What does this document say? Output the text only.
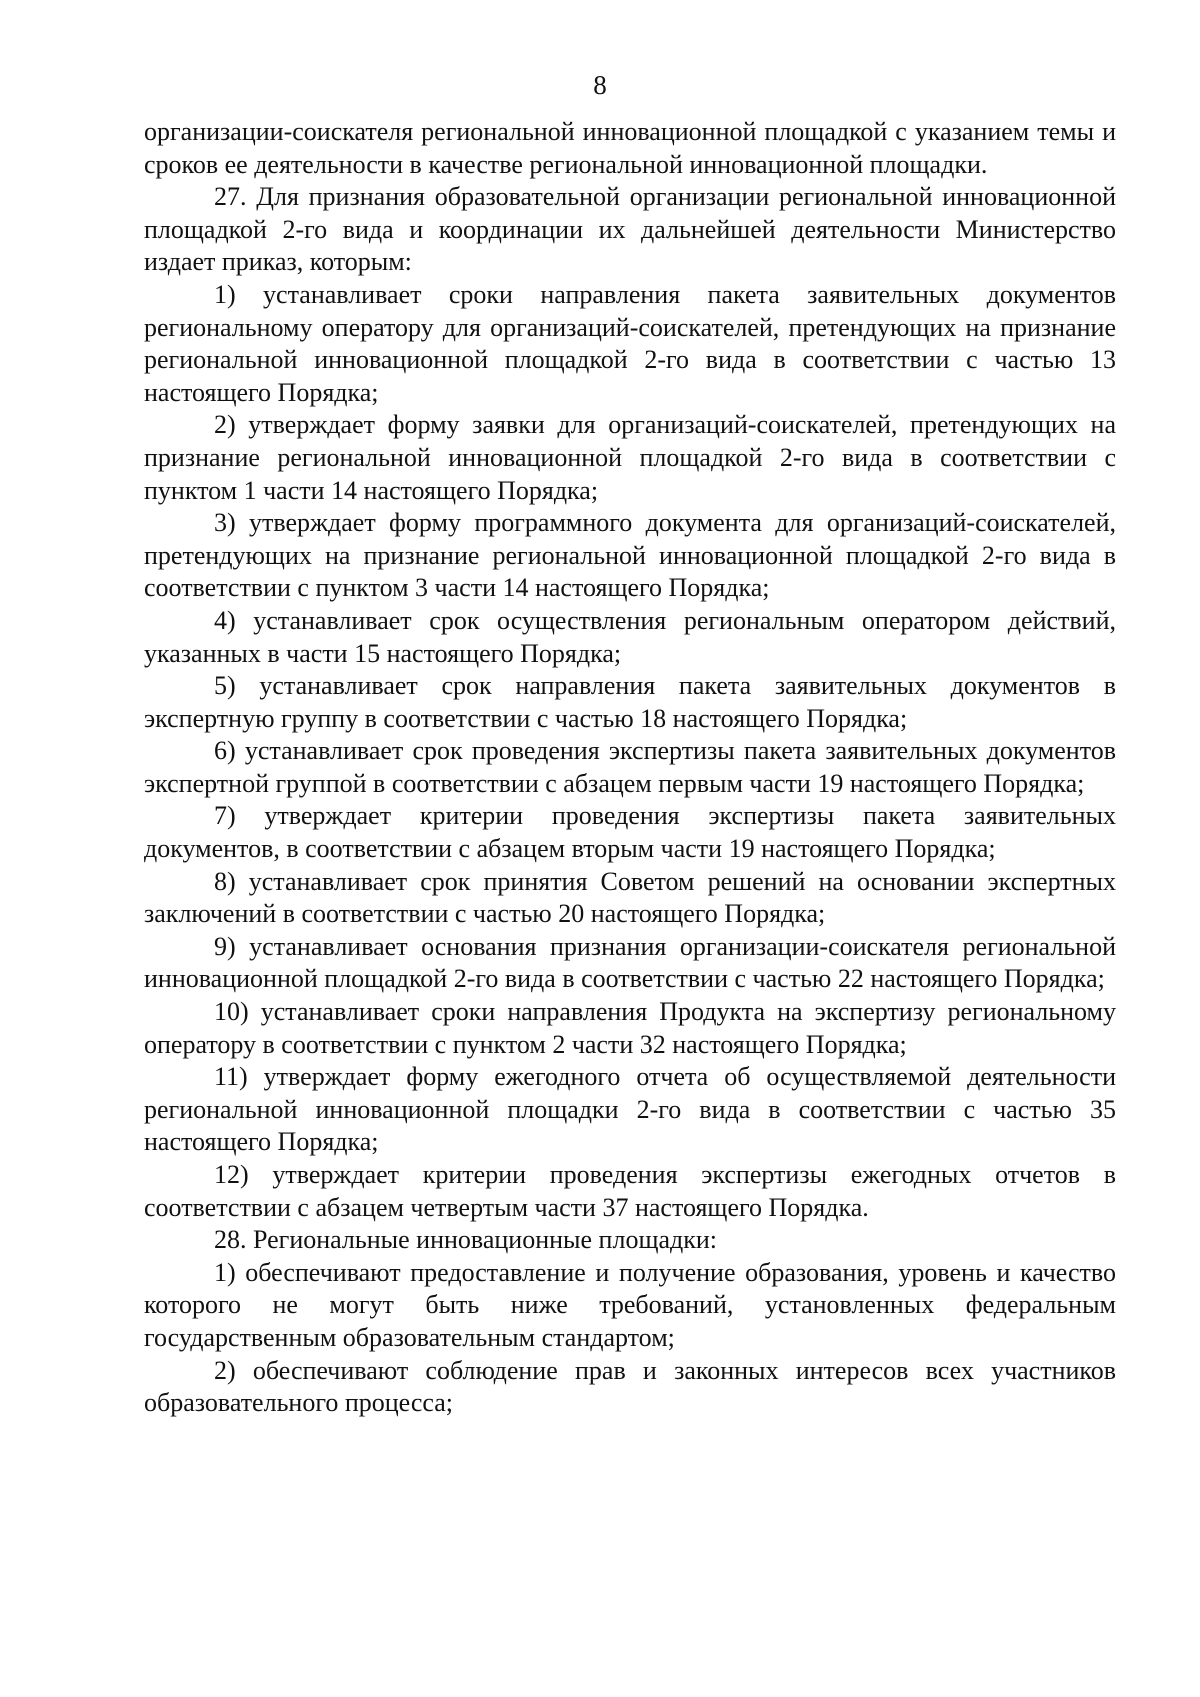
8

организации-соискателя региональной инновационной площадкой с указанием темы и сроков ее деятельности в качестве региональной инновационной площадки.

27. Для признания образовательной организации региональной инновационной площадкой 2-го вида и координации их дальнейшей деятельности Министерство издает приказ, которым:

1) устанавливает сроки направления пакета заявительных документов региональному оператору для организаций-соискателей, претендующих на признание региональной инновационной площадкой 2-го вида в соответствии с частью 13 настоящего Порядка;

2) утверждает форму заявки для организаций-соискателей, претендующих на признание региональной инновационной площадкой 2-го вида в соответствии с пунктом 1 части 14 настоящего Порядка;

3) утверждает форму программного документа для организаций-соискателей, претендующих на признание региональной инновационной площадкой 2-го вида в соответствии с пунктом 3 части 14 настоящего Порядка;

4) устанавливает срок осуществления региональным оператором действий, указанных в части 15 настоящего Порядка;

5) устанавливает срок направления пакета заявительных документов в экспертную группу в соответствии с частью 18 настоящего Порядка;

6) устанавливает срок проведения экспертизы пакета заявительных документов экспертной группой в соответствии с абзацем первым части 19 настоящего Порядка;

7) утверждает критерии проведения экспертизы пакета заявительных документов, в соответствии с абзацем вторым части 19 настоящего Порядка;

8) устанавливает срок принятия Советом решений на основании экспертных заключений в соответствии с частью 20 настоящего Порядка;

9) устанавливает основания признания организации-соискателя региональной инновационной площадкой 2-го вида в соответствии с частью 22 настоящего Порядка;

10) устанавливает сроки направления Продукта на экспертизу региональному оператору в соответствии с пунктом 2 части 32 настоящего Порядка;

11) утверждает форму ежегодного отчета об осуществляемой деятельности региональной инновационной площадки 2-го вида в соответствии с частью 35 настоящего Порядка;

12) утверждает критерии проведения экспертизы ежегодных отчетов в соответствии с абзацем четвертым части 37 настоящего Порядка.

28. Региональные инновационные площадки:

1) обеспечивают предоставление и получение образования, уровень и качество которого не могут быть ниже требований, установленных федеральным государственным образовательным стандартом;

2) обеспечивают соблюдение прав и законных интересов всех участников образовательного процесса;
